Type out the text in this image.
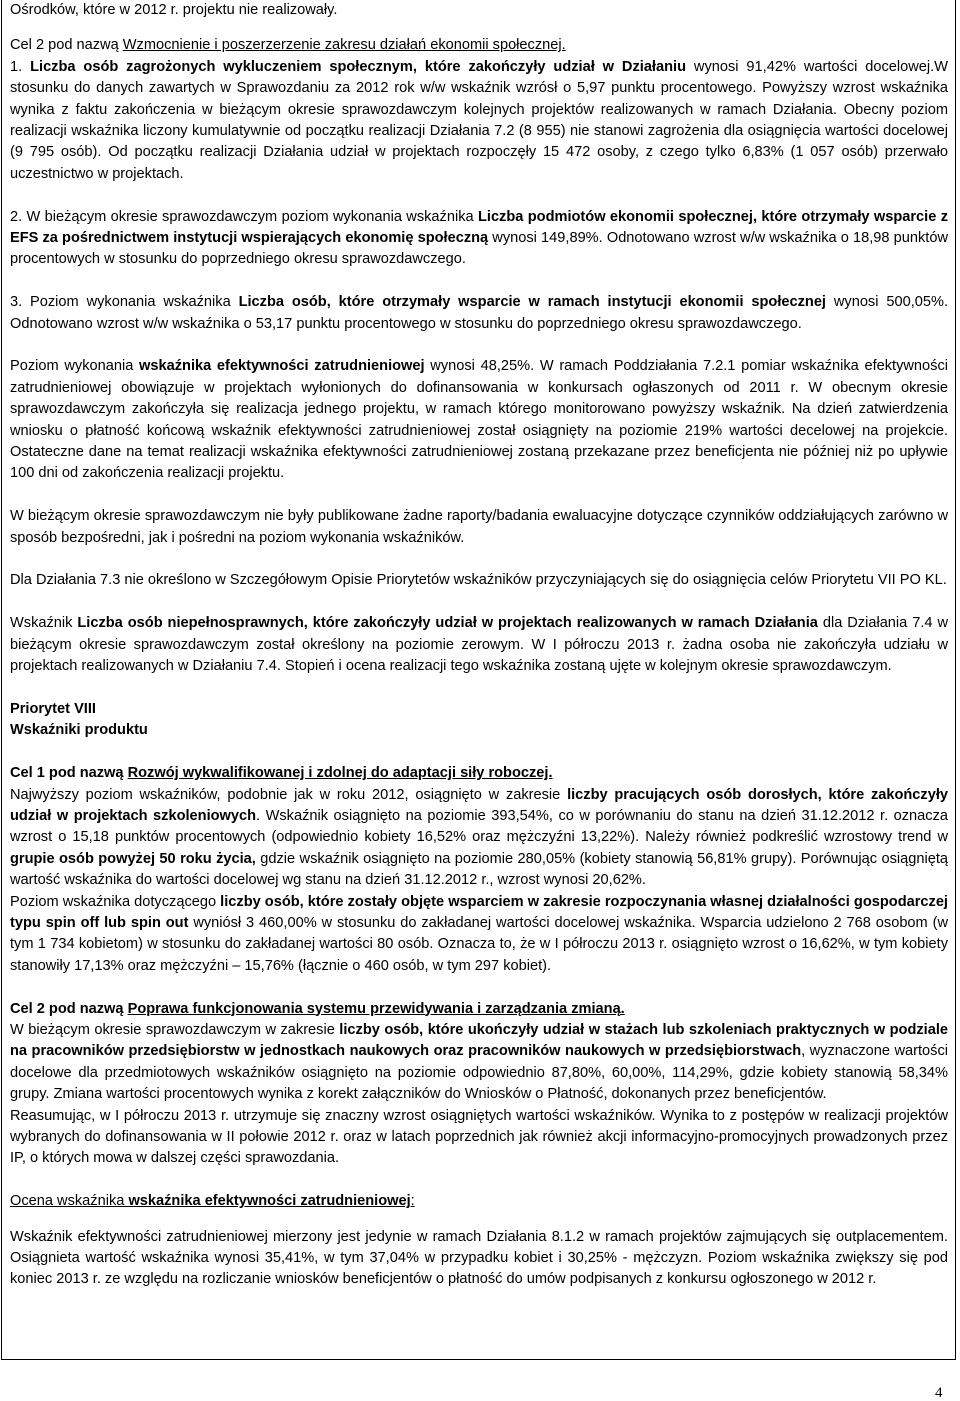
Ośrodków, które w 2012 r. projektu nie realizowały.

Cel 2 pod nazwą Wzmocnienie i poszerzerzenie zakresu działań ekonomii społecznej.

1. Liczba osób zagrożonych wykluczeniem społecznym, które zakończyły udział w Działaniu wynosi 91,42% wartości docelowej.W stosunku do danych zawartych w Sprawozdaniu za 2012 rok w/w wskaźnik wzrósł o 5,97 punktu procentowego. Powyższy wzrost wskaźnika wynika z faktu zakończenia w bieżącym okresie sprawozdawczym kolejnych projektów realizowanych w ramach Działania. Obecny poziom realizacji wskaźnika liczony kumulatywnie od początku realizacji Działania 7.2 (8 955) nie stanowi zagrożenia dla osiągnięcia wartości docelowej (9 795 osób). Od początku realizacji Działania udział w projektach rozpoczęły 15 472 osoby, z czego tylko 6,83% (1 057 osób) przerwało uczestnictwo w projektach.

2. W bieżącym okresie sprawozdawczym poziom wykonania wskaźnika Liczba podmiotów ekonomii społecznej, które otrzymały wsparcie z EFS za pośrednictwem instytucji wspierających ekonomię społeczną wynosi 149,89%. Odnotowano wzrost w/w wskaźnika o 18,98 punktów procentowych w stosunku do poprzedniego okresu sprawozdawczego.

3. Poziom wykonania wskaźnika Liczba osób, które otrzymały wsparcie w ramach instytucji ekonomii społecznej wynosi 500,05%. Odnotowano wzrost w/w wskaźnika o 53,17 punktu procentowego w stosunku do poprzedniego okresu sprawozdawczego.

Poziom wykonania wskaźnika efektywności zatrudnieniowej wynosi 48,25%. W ramach Poddziałania 7.2.1 pomiar wskaźnika efektywności zatrudnieniowej obowiązuje w projektach wyłonionych do dofinansowania w konkursach ogłaszonych od 2011 r. W obecnym okresie sprawozdawczym zakończyła się realizacja jednego projektu, w ramach którego monitorowano powyższy wskaźnik. Na dzień zatwierdzenia wniosku o płatność końcową wskaźnik efektywności zatrudnieniowej został osiągnięty na poziomie 219% wartości decelowej na projekcie. Ostateczne dane na temat realizacji wskaźnika efektywności zatrudnieniowej zostaną przekazane przez beneficjenta nie później niż po upływie 100 dni od zakończenia realizacji projektu.

W bieżącym okresie sprawozdawczym nie były publikowane żadne raporty/badania ewaluacyjne dotyczące czynników oddziałujących zarówno w sposób bezpośredni, jak i pośredni na poziom wykonania wskaźników.

Dla Działania 7.3 nie określono w Szczegółowym Opisie Priorytetów wskaźników przyczyniających się do osiągnięcia celów Priorytetu VII PO KL.

Wskaźnik Liczba osób niepełnosprawnych, które zakończyły udział w projektach realizowanych w ramach Działania dla Działania 7.4 w bieżącym okresie sprawozdawczym został określony na poziomie zerowym. W I półroczu 2013 r. żadna osoba nie zakończyła udziału w projektach realizowanych w Działaniu 7.4. Stopień i ocena realizacji tego wskaźnika zostaną ujęte w kolejnym okresie sprawozdawczym.

Priorytet VIII

Wskaźniki produktu

Cel 1 pod nazwą Rozwój wykwalifikowanej i zdolnej do adaptacji siły roboczej.

Najwyższy poziom wskaźników, podobnie jak w roku 2012, osiągnięto w zakresie liczby pracujących osób dorosłych, które zakończyły udział w projektach szkoleniowych. Wskaźnik osiągnięto na poziomie 393,54%, co w porównaniu do stanu na dzień 31.12.2012 r. oznacza wzrost o 15,18 punktów procentowych (odpowiednio kobiety 16,52% oraz mężczyźni 13,22%). Należy również podkreślić wzrostowy trend w grupie osób powyżej 50 roku życia, gdzie wskaźnik osiągnięto na poziomie 280,05% (kobiety stanowią 56,81% grupy). Porównując osiągniętą wartość wskaźnika do wartości docelowej wg stanu na dzień 31.12.2012 r., wzrost wynosi 20,62%.

Poziom wskaźnika dotyczącego liczby osób, które zostały objęte wsparciem w zakresie rozpoczynania własnej działalności gospodarczej typu spin off lub spin out wyniósł 3 460,00% w stosunku do zakładanej wartości docelowej wskaźnika. Wsparcia udzielono 2 768 osobom (w tym 1 734 kobietom) w stosunku do zakładanej wartości 80 osób. Oznacza to, że w I półroczu 2013 r. osiągnięto wzrost o 16,62%, w tym kobiety stanowiły 17,13% oraz mężczyźni – 15,76% (łącznie o 460 osób, w tym 297 kobiet).

Cel 2 pod nazwą Poprawa funkcjonowania systemu przewidywania i zarządzania zmianą.

W bieżącym okresie sprawozdawczym w zakresie liczby osób, które ukończyły udział w stażach lub szkoleniach praktycznych w podziale na pracowników przedsiębiorstw w jednostkach naukowych oraz pracowników naukowych w przedsiębiorstwach, wyznaczone wartości docelowe dla przedmiotowych wskaźników osiągnięto na poziomie odpowiednio 87,80%, 60,00%, 114,29%, gdzie kobiety stanowią 58,34% grupy. Zmiana wartości procentowych wynika z korekt załączników do Wniosków o Płatność, dokonanych przez beneficjentów.

Reasumując, w I półroczu 2013 r. utrzymuje się znaczny wzrost osiągniętych wartości wskaźników. Wynika to z postępów w realizacji projektów wybranych do dofinansowania w II połowie 2012 r. oraz w latach poprzednich jak również akcji informacyjno-promocyjnych prowadzonych przez IP, o których mowa w dalszej części sprawozdania.

Ocena wskaźnika wskaźnika efektywności zatrudnieniowej:

Wskaźnik efektywności zatrudnieniowej mierzony jest jedynie w ramach Działania 8.1.2 w ramach projektów zajmujących się outplacementem. Osiągnieta wartość wskaźnika wynosi 35,41%, w tym 37,04% w przypadku kobiet i 30,25% - mężczyzn. Poziom wskaźnika zwiększy się pod koniec 2013 r. ze względu na rozliczanie wniosków beneficjentów o płatność do umów podpisanych z konkursu ogłoszonego w 2012 r.

4
